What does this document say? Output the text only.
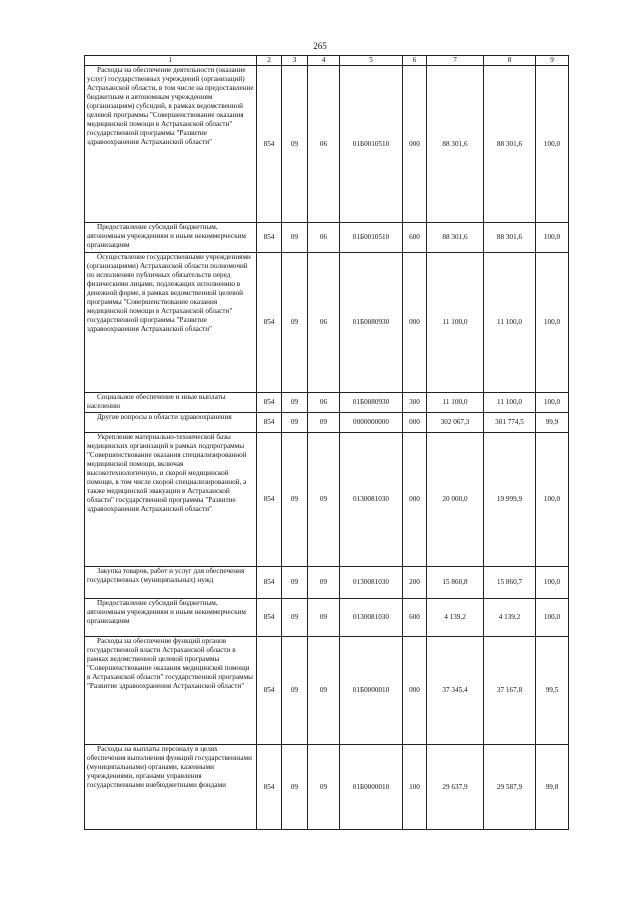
265
1	2	3	4	5	6	7	8	9
Расходы на обеспечение деятельности (оказание услуг) государственных учреждений (организаций) Астраханской области, в том числе на предоставление бюджетным и автономным учреждениям (организациям) субсидий, в рамках ведомственной целевой программы "Совершенствование оказания медицинской помощи в Астраханской области" государственной программы "Развитие здравоохранения Астраханской области"	854	09	06	01Б0010510	000	88 301,6	88 301,6	100,0
Предоставление субсидий бюджетным, автономным учреждениям и иным некоммерческим организациям	854	09	06	01Б0010510	600	88 301,6	88 301,6	100,0
Осуществление государственными учреждениями (организациями) Астраханской области полномочий по исполнению публичных обязательств перед физическими лицами, подлежащих исполнению в денежной форме, в рамках ведомственной целевой программы "Совершенствование оказания медицинской помощи в Астраханской области" государственной программы "Развитие здравоохранения Астраханской области"	854	09	06	01Б0080930	000	11 100,0	11 100,0	100,0
Социальное обеспечение и иные выплаты населению	854	09	06	01Б0080930	300	11 100,0	11 100,0	100,0
Другие вопросы в области здравоохранения	854	09	09	0000000000	000	302 067,3	301 774,5	99,9
Укрепление материально-технической базы медицинских организаций в рамках подпрограммы "Совершенствование оказания специализированной медицинской помощи, включая высокотехнологичную, и скорой медицинской помощи, в том числе скорой специализированной, а также медицинской эвакуации в Астраханской области" государственной программы "Развитие здравоохранения Астраханской области"	854	09	09	0130081030	000	20 000,0	19 999,9	100,0
Закупка товаров, работ и услуг для обеспечения государственных (муниципальных) нужд	854	09	09	0130081030	200	15 860,8	15 860,7	100,0
Предоставление субсидий бюджетным, автономным учреждениям и иным некоммерческим организациям	854	09	09	0130081030	600	4 139,2	4 139,2	100,0
Расходы на обеспечение функций органов государственной власти Астраханской области в рамках ведомственной целевой программы "Совершенствование оказания медицинской помощи в Астраханской области" государственной программы "Развитие здравоохранения Астраханской области"	854	09	09	01Б0000010	000	37 345,4	37 167,8	99,5
Расходы на выплаты персоналу в целях обеспечения выполнения функций государственными (муниципальными) органами, казенными учреждениями, органами управления государственными внебюджетными фондами	854	09	09	01Б0000010	100	29 637,9	29 587,9	99,8
